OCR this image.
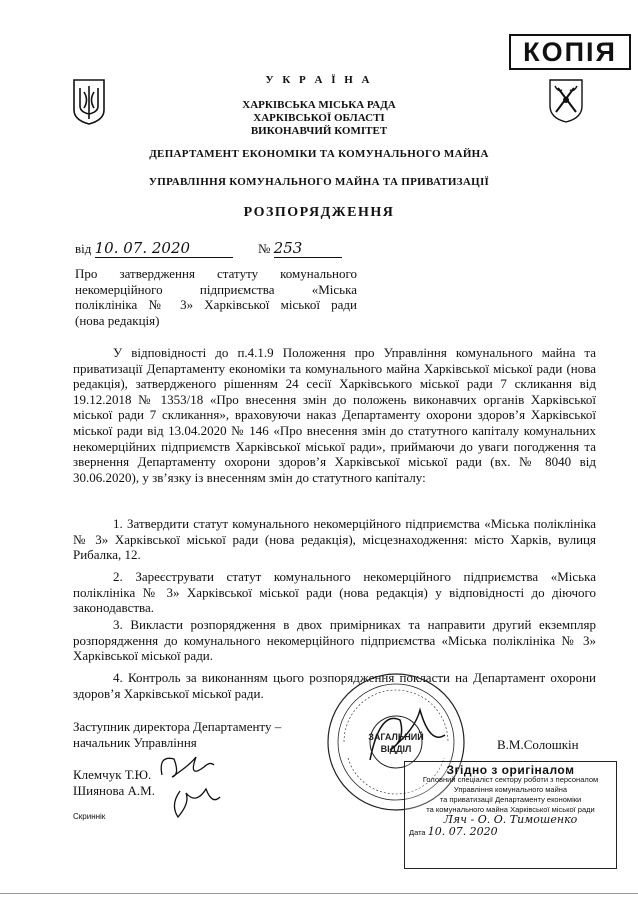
КОПІЯ
У К Р А Ї Н А
ХАРКІВСЬКА МІСЬКА РАДА
ХАРКІВСЬКОЇ ОБЛАСТІ
ВИКОНАВЧИЙ КОМІТЕТ
ДЕПАРТАМЕНТ ЕКОНОМІКИ ТА КОМУНАЛЬНОГО МАЙНА
УПРАВЛІННЯ КОМУНАЛЬНОГО МАЙНА ТА ПРИВАТИЗАЦІЇ
РОЗПОРЯДЖЕННЯ
від 10. 07. 2020	№ 253
Про затвердження статуту комунального
некомерційного підприємства «Міська
поліклініка № 3» Харківської міської ради
(нова редакція)

У відповідності до п.4.1.9 Положення про Управління комунального майна та приватизації Департаменту економіки та комунального майна Харківської міської ради (нова редакція), затвердженого рішенням 24 сесії Харківського міської ради 7 скликання від 19.12.2018 № 1353/18 «Про внесення змін до положень виконавчих органів Харківської міської ради 7 скликання», враховуючи наказ Департаменту охорони здоров’я Харківської міської ради від 13.04.2020 № 146 «Про внесення змін до статутного капіталу комунальних некомерційних підприємств Харківської міської ради», приймаючи до уваги погодження та звернення Департаменту охорони здоров’я Харківської міської ради (вх. № 8040 від 30.06.2020), у зв’язку із внесенням змін до статутного капіталу:

1. Затвердити статут комунального некомерційного підприємства «Міська поліклініка № 3» Харківської міської ради (нова редакція), місцезнаходження: місто Харків, вулиця Рибалка, 12.

2. Зареєструвати статут комунального некомерційного підприємства «Міська поліклініка № 3» Харківської міської ради (нова редакція) у відповідності до діючого законодавства.

3. Викласти розпорядження в двох примірниках та направити другий екземпляр розпорядження до комунального некомерційного підприємства «Міська поліклініка № 3» Харківської міської ради.

4. Контроль за виконанням цього розпорядження покласти на Департамент охорони здоров’я Харківської міської ради.

Заступник директора Департаменту –
начальник Управління	В.М.Солошкін
Клемчук Т.Ю.
Шиянова А.М.
Скриннік
ЗАГАЛЬНИЙ
ВІДДІЛ
Згідно з оригіналом
Головний спеціаліст сектору роботи з персоналом
Управління комунального майна
та приватизації Департаменту економіки
та комунального майна Харківської міської ради
Ляч - О. О. Тимошенко
Дата 10. 07. 2020
